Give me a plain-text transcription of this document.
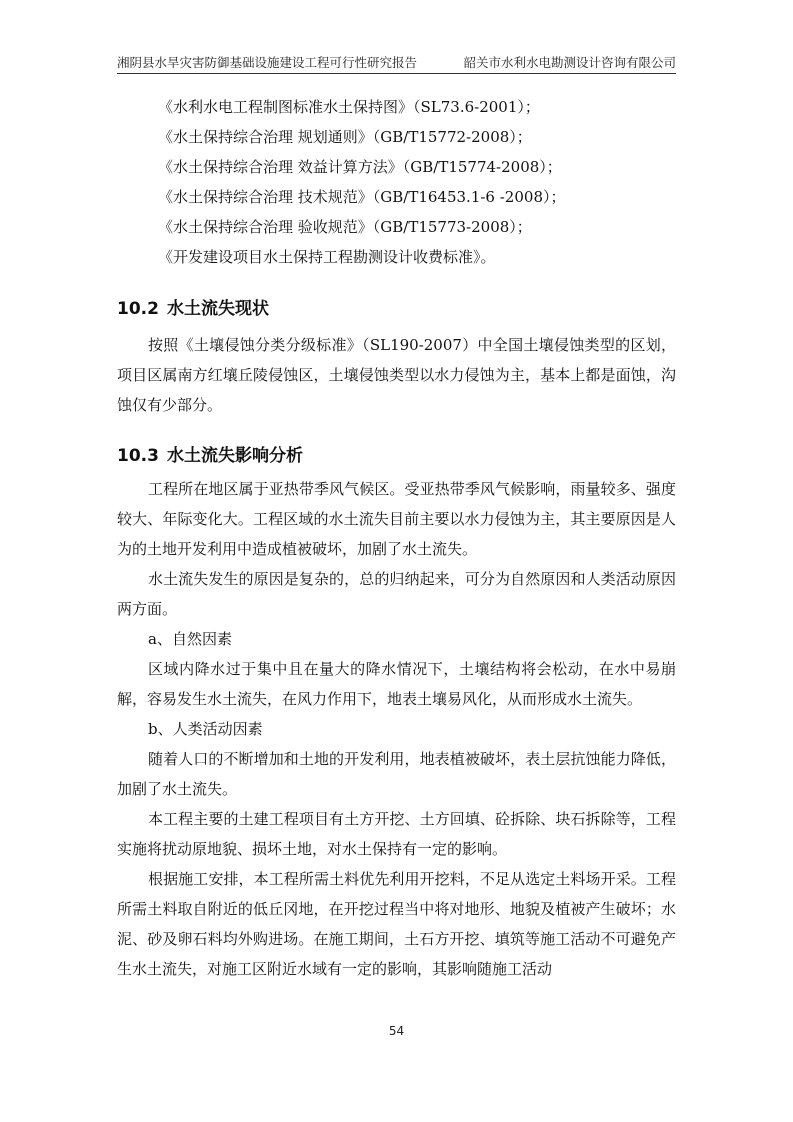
湘阴县水旱灾害防御基础设施建设工程可行性研究报告	韶关市水利水电勘测设计咨询有限公司
《水利水电工程制图标准水土保持图》（SL73.6-2001）；
《水土保持综合治理 规划通则》（GB/T15772-2008）；
《水土保持综合治理 效益计算方法》（GB/T15774-2008）；
《水土保持综合治理 技术规范》（GB/T16453.1-6 -2008）；
《水土保持综合治理 验收规范》（GB/T15773-2008）；
《开发建设项目水土保持工程勘测设计收费标准》。
10.2 水土流失现状

按照《土壤侵蚀分类分级标准》（SL190-2007）中全国土壤侵蚀类型的区划，项目区属南方红壤丘陵侵蚀区，土壤侵蚀类型以水力侵蚀为主，基本上都是面蚀，沟蚀仅有少部分。

10.3 水土流失影响分析

工程所在地区属于亚热带季风气候区。受亚热带季风气候影响，雨量较多、强度较大、年际变化大。工程区域的水土流失目前主要以水力侵蚀为主，其主要原因是人为的土地开发利用中造成植被破坏，加剧了水土流失。

水土流失发生的原因是复杂的，总的归纳起来，可分为自然原因和人类活动原因两方面。

a、自然因素

区域内降水过于集中且在量大的降水情况下，土壤结构将会松动，在水中易崩解，容易发生水土流失，在风力作用下，地表土壤易风化，从而形成水土流失。

b、人类活动因素

随着人口的不断增加和土地的开发利用，地表植被破坏，表土层抗蚀能力降低，加剧了水土流失。

本工程主要的土建工程项目有土方开挖、土方回填、砼拆除、块石拆除等，工程实施将扰动原地貌、损坏土地，对水土保持有一定的影响。

根据施工安排，本工程所需土料优先利用开挖料，不足从选定土料场开采。工程所需土料取自附近的低丘冈地，在开挖过程当中将对地形、地貌及植被产生破坏；水泥、砂及卵石料均外购进场。在施工期间，土石方开挖、填筑等施工活动不可避免产生水土流失，对施工区附近水域有一定的影响，其影响随施工活动

54
